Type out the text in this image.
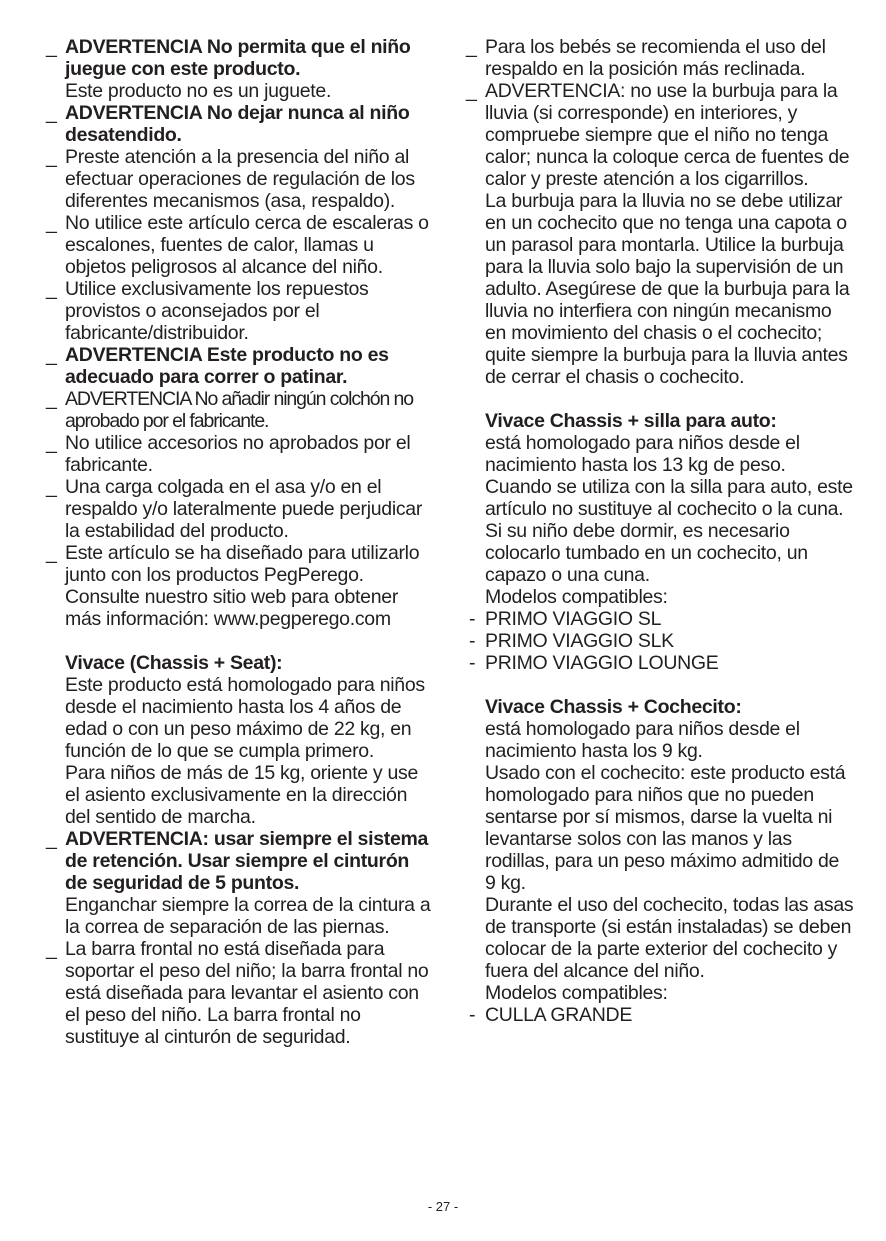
_ ADVERTENCIA No permita que el niño juegue con este producto.
Este producto no es un juguete.
_ ADVERTENCIA No dejar nunca al niño desatendido.
_ Preste atención a la presencia del niño al efectuar operaciones de regulación de los diferentes mecanismos (asa, respaldo).
_ No utilice este artículo cerca de escaleras o escalones, fuentes de calor, llamas u objetos peligrosos al alcance del niño.
_ Utilice exclusivamente los repuestos provistos o aconsejados por el fabricante/distribuidor.
_ ADVERTENCIA Este producto no es adecuado para correr o patinar.
_ ADVERTENCIA No añadir ningún colchón no aprobado por el fabricante.
_ No utilice accesorios no aprobados por el fabricante.
_ Una carga colgada en el asa y/o en el respaldo y/o lateralmente puede perjudicar la estabilidad del producto.
_ Este artículo se ha diseñado para utilizarlo junto con los productos PegPerego. Consulte nuestro sitio web para obtener más información: www.pegperego.com
Vivace (Chassis + Seat):
Este producto está homologado para niños desde el nacimiento hasta los 4 años de edad o con un peso máximo de 22 kg, en función de lo que se cumpla primero.
Para niños de más de 15 kg, oriente y use el asiento exclusivamente en la dirección del sentido de marcha.
_ ADVERTENCIA: usar siempre el sistema de retención. Usar siempre el cinturón de seguridad de 5 puntos.
Enganchar siempre la correa de la cintura a la correa de separación de las piernas.
_ La barra frontal no está diseñada para soportar el peso del niño; la barra frontal no está diseñada para levantar el asiento con el peso del niño. La barra frontal no sustituye al cinturón de seguridad.
_ Para los bebés se recomienda el uso del respaldo en la posición más reclinada.
_ ADVERTENCIA: no use la burbuja para la lluvia (si corresponde) en interiores, y compruebe siempre que el niño no tenga calor; nunca la coloque cerca de fuentes de calor y preste atención a los cigarrillos.
La burbuja para la lluvia no se debe utilizar en un cochecito que no tenga una capota o un parasol para montarla. Utilice la burbuja para la lluvia solo bajo la supervisión de un adulto. Asegúrese de que la burbuja para la lluvia no interfiera con ningún mecanismo en movimiento del chasis o el cochecito; quite siempre la burbuja para la lluvia antes de cerrar el chasis o cochecito.
Vivace Chassis + silla para auto:
está homologado para niños desde el nacimiento hasta los 13 kg de peso.
Cuando se utiliza con la silla para auto, este artículo no sustituye al cochecito o la cuna.
Si su niño debe dormir, es necesario colocarlo tumbado en un cochecito, un capazo o una cuna.
Modelos compatibles:
- PRIMO VIAGGIO SL
- PRIMO VIAGGIO SLK
- PRIMO VIAGGIO LOUNGE
Vivace Chassis + Cochecito:
está homologado para niños desde el nacimiento hasta los 9 kg.
Usado con el cochecito: este producto está homologado para niños que no pueden sentarse por sí mismos, darse la vuelta ni levantarse solos con las manos y las rodillas, para un peso máximo admitido de 9 kg.
Durante el uso del cochecito, todas las asas de transporte (si están instaladas) se deben colocar de la parte exterior del cochecito y fuera del alcance del niño.
Modelos compatibles:
- CULLA GRANDE
- 27 -
